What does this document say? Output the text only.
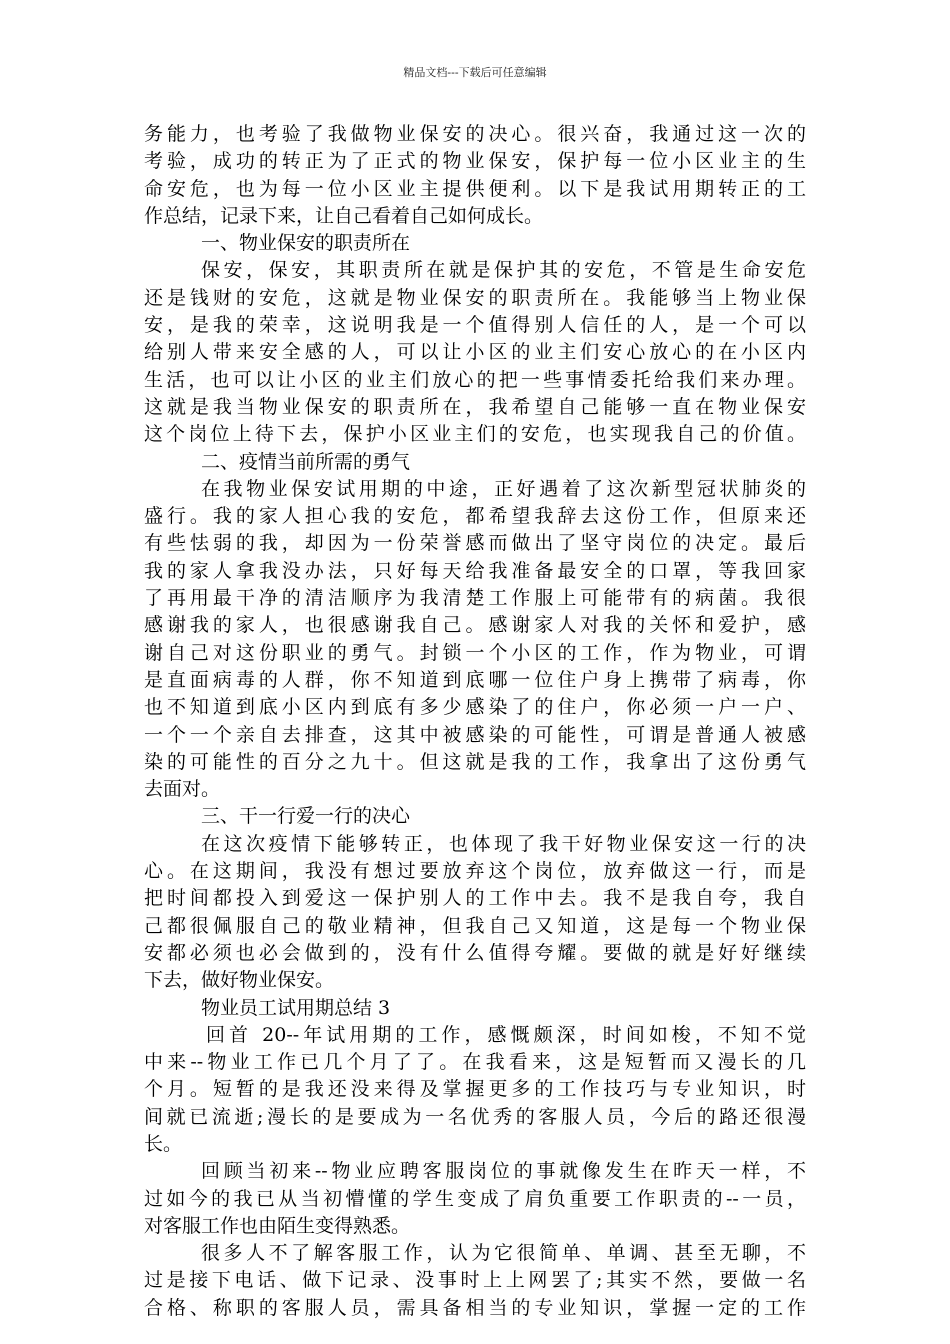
精品文档---下载后可任意编辑
务能力，也考验了我做物业保安的决心。很兴奋，我通过这一次的
考验，成功的转正为了正式的物业保安，保护每一位小区业主的生
命安危，也为每一位小区业主提供便利。以下是我试用期转正的工
作总结，记录下来，让自己看着自己如何成长。
一、物业保安的职责所在
保安，保安，其职责所在就是保护其的安危，不管是生命安危
还是钱财的安危，这就是物业保安的职责所在。我能够当上物业保
安，是我的荣幸，这说明我是一个值得别人信任的人，是一个可以
给别人带来安全感的人，可以让小区的业主们安心放心的在小区内
生活，也可以让小区的业主们放心的把一些事情委托给我们来办理。
这就是我当物业保安的职责所在，我希望自己能够一直在物业保安
这个岗位上待下去，保护小区业主们的安危，也实现我自己的价值。
二、疫情当前所需的勇气
在我物业保安试用期的中途，正好遇着了这次新型冠状肺炎的
盛行。我的家人担心我的安危，都希望我辞去这份工作，但原来还
有些怯弱的我，却因为一份荣誉感而做出了坚守岗位的决定。最后
我的家人拿我没办法，只好每天给我准备最安全的口罩，等我回家
了再用最干净的清洁顺序为我清楚工作服上可能带有的病菌。我很
感谢我的家人，也很感谢我自己。感谢家人对我的关怀和爱护，感
谢自己对这份职业的勇气。封锁一个小区的工作，作为物业，可谓
是直面病毒的人群，你不知道到底哪一位住户身上携带了病毒，你
也不知道到底小区内到底有多少感染了的住户，你必须一户一户、
一个一个亲自去排查，这其中被感染的可能性，可谓是普通人被感
染的可能性的百分之九十。但这就是我的工作，我拿出了这份勇气
去面对。
三、干一行爱一行的决心
在这次疫情下能够转正，也体现了我干好物业保安这一行的决
心。在这期间，我没有想过要放弃这个岗位，放弃做这一行，而是
把时间都投入到爱这一保护别人的工作中去。我不是我自夸，我自
己都很佩服自己的敬业精神，但我自己又知道，这是每一个物业保
安都必须也必会做到的，没有什么值得夸耀。要做的就是好好继续
下去，做好物业保安。
物业员工试用期总结 3
回首 20--年试用期的工作，感慨颇深，时间如梭，不知不觉
中来--物业工作已几个月了了。在我看来，这是短暂而又漫长的几
个月。短暂的是我还没来得及掌握更多的工作技巧与专业知识，时
间就已流逝;漫长的是要成为一名优秀的客服人员，今后的路还很漫
长。
回顾当初来--物业应聘客服岗位的事就像发生在昨天一样，不
过如今的我已从当初懵懂的学生变成了肩负重要工作职责的--一员，
对客服工作也由陌生变得熟悉。
很多人不了解客服工作，认为它很简单、单调、甚至无聊，不
过是接下电话、做下记录、没事时上上网罢了;其实不然，要做一名
合格、称职的客服人员，需具备相当的专业知识，掌握一定的工作
